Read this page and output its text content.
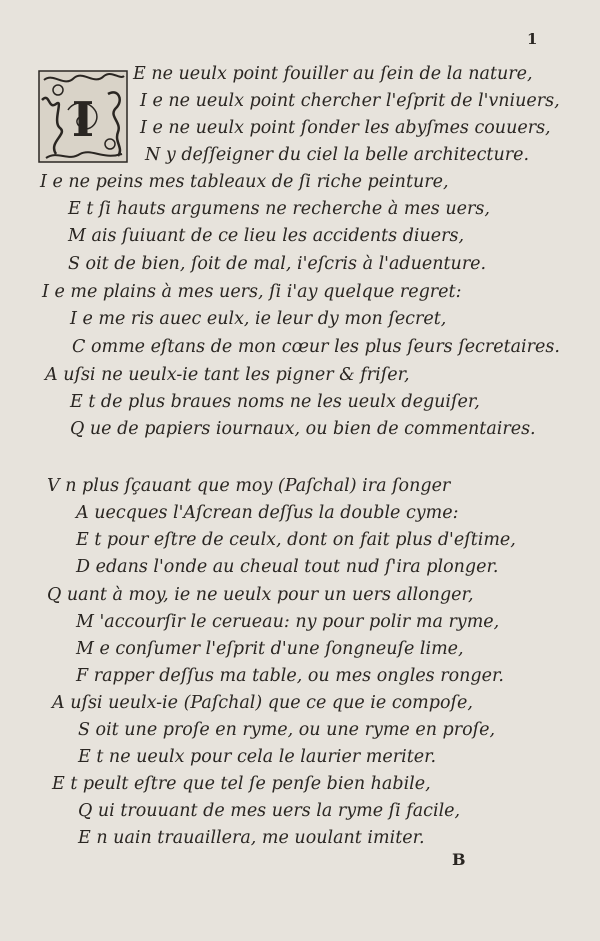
1
I
E ne ueulx point fouiller au ſein de la nature,
I e ne ueulx point chercher l'eſprit de l'vniuers,
I e ne ueulx point ſonder les abyſmes couuers,
N y deſſeigner du ciel la belle architecture.
I e ne peins mes tableaux de ſi riche peinture,
E t ſi hauts argumens ne recherche à mes uers,
M ais ſuiuant de ce lieu les accidents diuers,
S oit de bien, ſoit de mal, i'eſcris à l'aduenture.
I e me plains à mes uers, ſi i'ay quelque regret:
I e me ris auec eulx, ie leur dy mon ſecret,
C omme eſtans de mon cœur les plus ſeurs ſecretaires.
A uſsi ne ueulx-ie tant les pigner & friſer,
E t de plus braues noms ne les ueulx deguiſer,
Q ue de papiers iournaux, ou bien de commentaires.
V n plus ſçauant que moy (Paſchal) ira ſonger
A uecques l'Aſcrean deſſus la double cyme:
E t pour eſtre de ceulx, dont on fait plus d'eſtime,
D edans l'onde au cheual tout nud ſ'ira plonger.
Q uant à moy, ie ne ueulx pour un uers allonger,
M 'accourſir le cerueau: ny pour polir ma ryme,
M e conſumer l'eſprit d'une ſongneuſe lime,
F rapper deſſus ma table, ou mes ongles ronger.
A uſsi ueulx-ie (Paſchal) que ce que ie compoſe,
S oit une proſe en ryme, ou une ryme en proſe,
E t ne ueulx pour cela le laurier meriter.
E t peult eſtre que tel ſe penſe bien habile,
Q ui trouuant de mes uers la ryme ſi facile,
E n uain trauaillera, me uoulant imiter.
B
